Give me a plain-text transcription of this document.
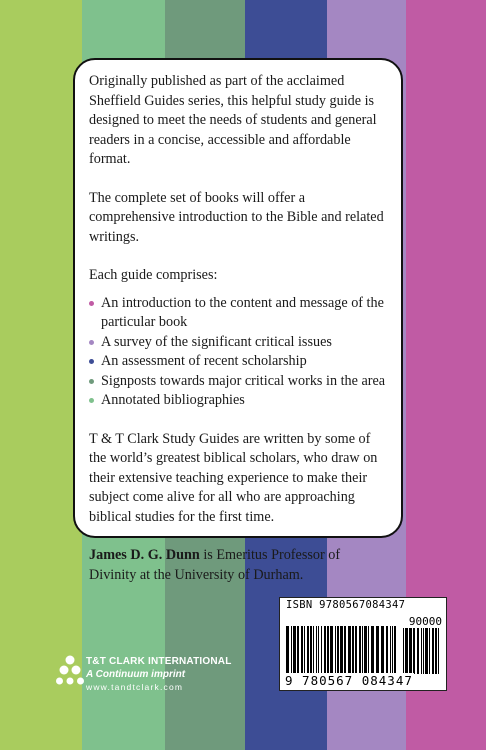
Originally published as part of the acclaimed Sheffield Guides series, this helpful study guide is designed to meet the needs of students and general readers in a concise, accessible and affordable format.

The complete set of books will offer a comprehensive introduction to the Bible and related writings.

Each guide comprises:

An introduction to the content and message of the particular book
A survey of the significant critical issues
An assessment of recent scholarship
Signposts towards major critical works in the area
Annotated bibliographies

T & T Clark Study Guides are written by some of the world’s greatest biblical scholars, who draw on their extensive teaching experience to make their subject come alive for all who are approaching biblical studies for the first time.

James D. G. Dunn is Emeritus Professor of Divinity at the University of Durham.

ISBN 9780567084347
90000
9 780567 084347
T&T CLARK INTERNATIONAL
A Continuum imprint
www.tandtclark.com
